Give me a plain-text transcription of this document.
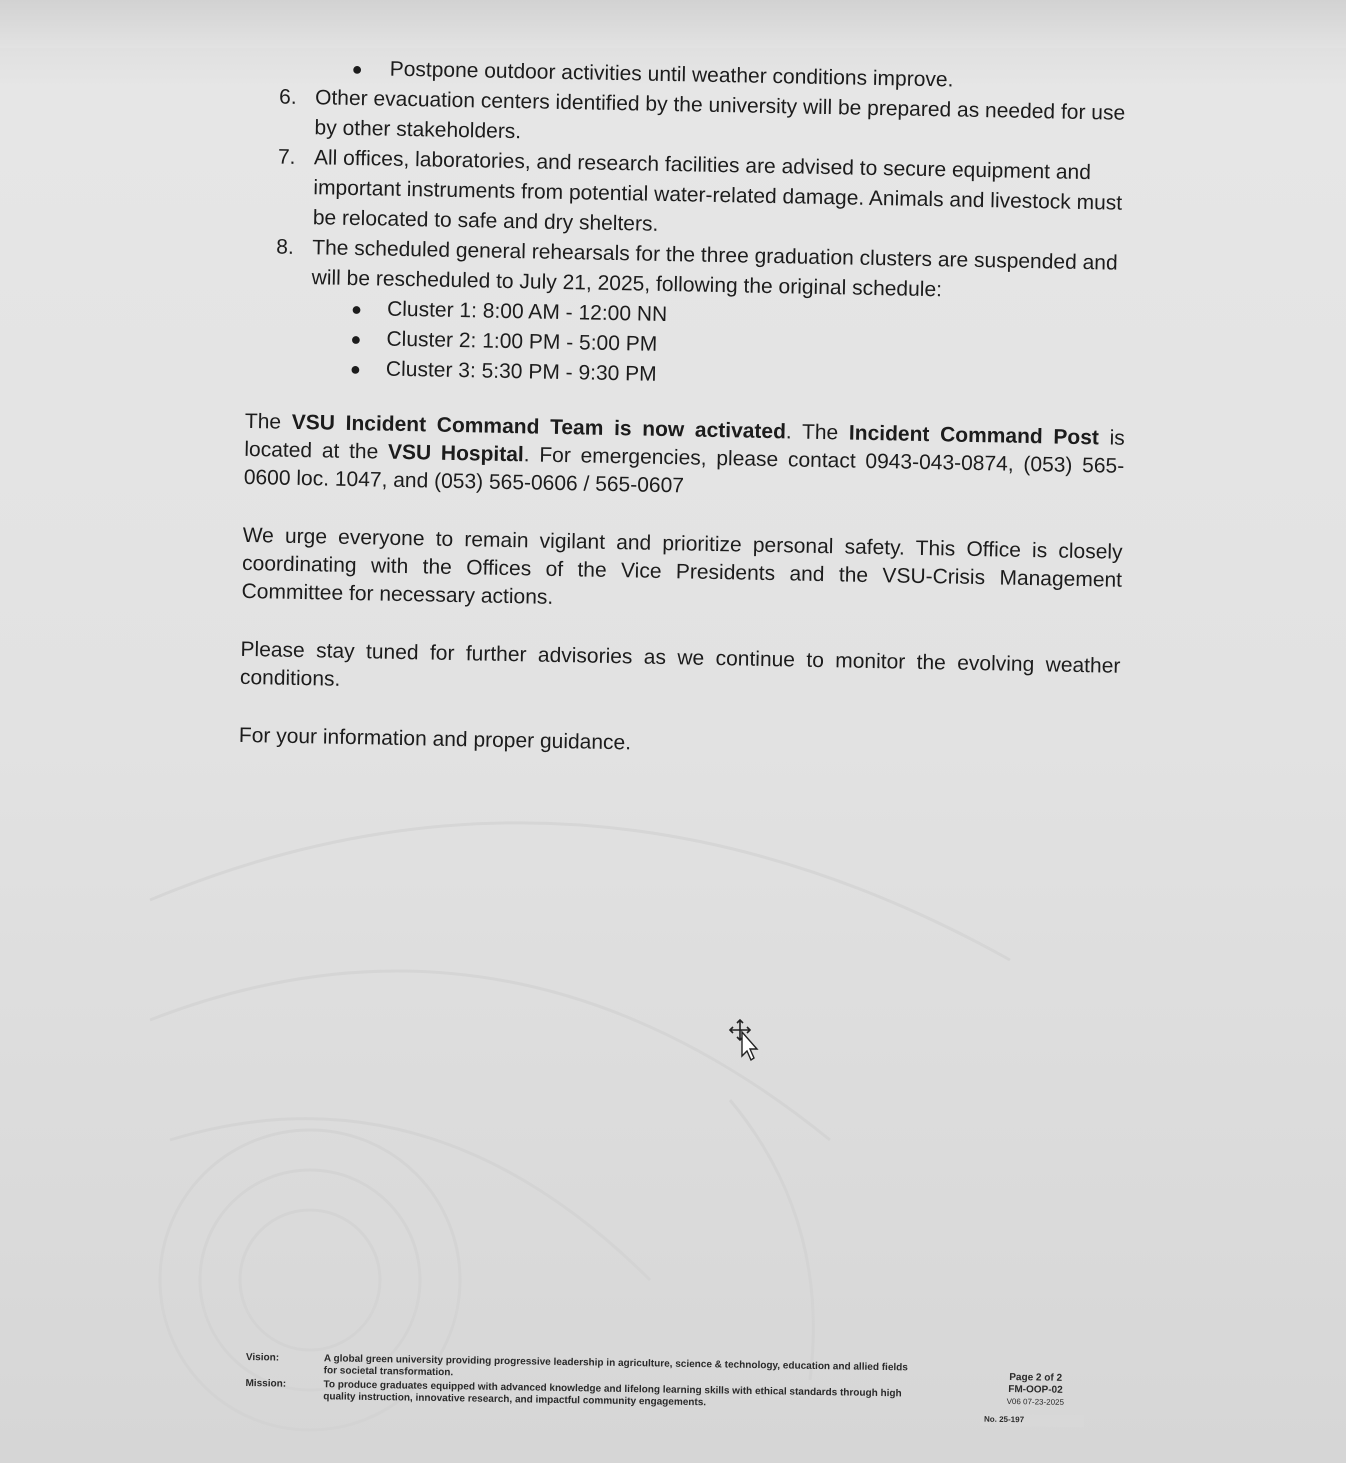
●	Postpone outdoor activities until weather conditions improve.
6. Other evacuation centers identified by the university will be prepared as needed for use by other stakeholders.
7. All offices, laboratories, and research facilities are advised to secure equipment and important instruments from potential water-related damage. Animals and livestock must be relocated to safe and dry shelters.
8. The scheduled general rehearsals for the three graduation clusters are suspended and will be rescheduled to July 21, 2025, following the original schedule:
●	Cluster 1: 8:00 AM - 12:00 NN
●	Cluster 2: 1:00 PM - 5:00 PM
●	Cluster 3: 5:30 PM - 9:30 PM
The VSU Incident Command Team is now activated. The Incident Command Post is located at the VSU Hospital. For emergencies, please contact 0943-043-0874, (053) 565-0600 loc. 1047, and (053) 565-0606 / 565-0607
We urge everyone to remain vigilant and prioritize personal safety. This Office is closely coordinating with the Offices of the Vice Presidents and the VSU-Crisis Management Committee for necessary actions.
Please stay tuned for further advisories as we continue to monitor the evolving weather conditions.
For your information and proper guidance.
Vision:	A global green university providing progressive leadership in agriculture, science & technology, education and allied fields for societal transformation.
Mission:	To produce graduates equipped with advanced knowledge and lifelong learning skills with ethical standards through high quality instruction, innovative research, and impactful community engagements.
Page 2 of 2
FM-OOP-02
V06 07-23-2025
No. 25-197
